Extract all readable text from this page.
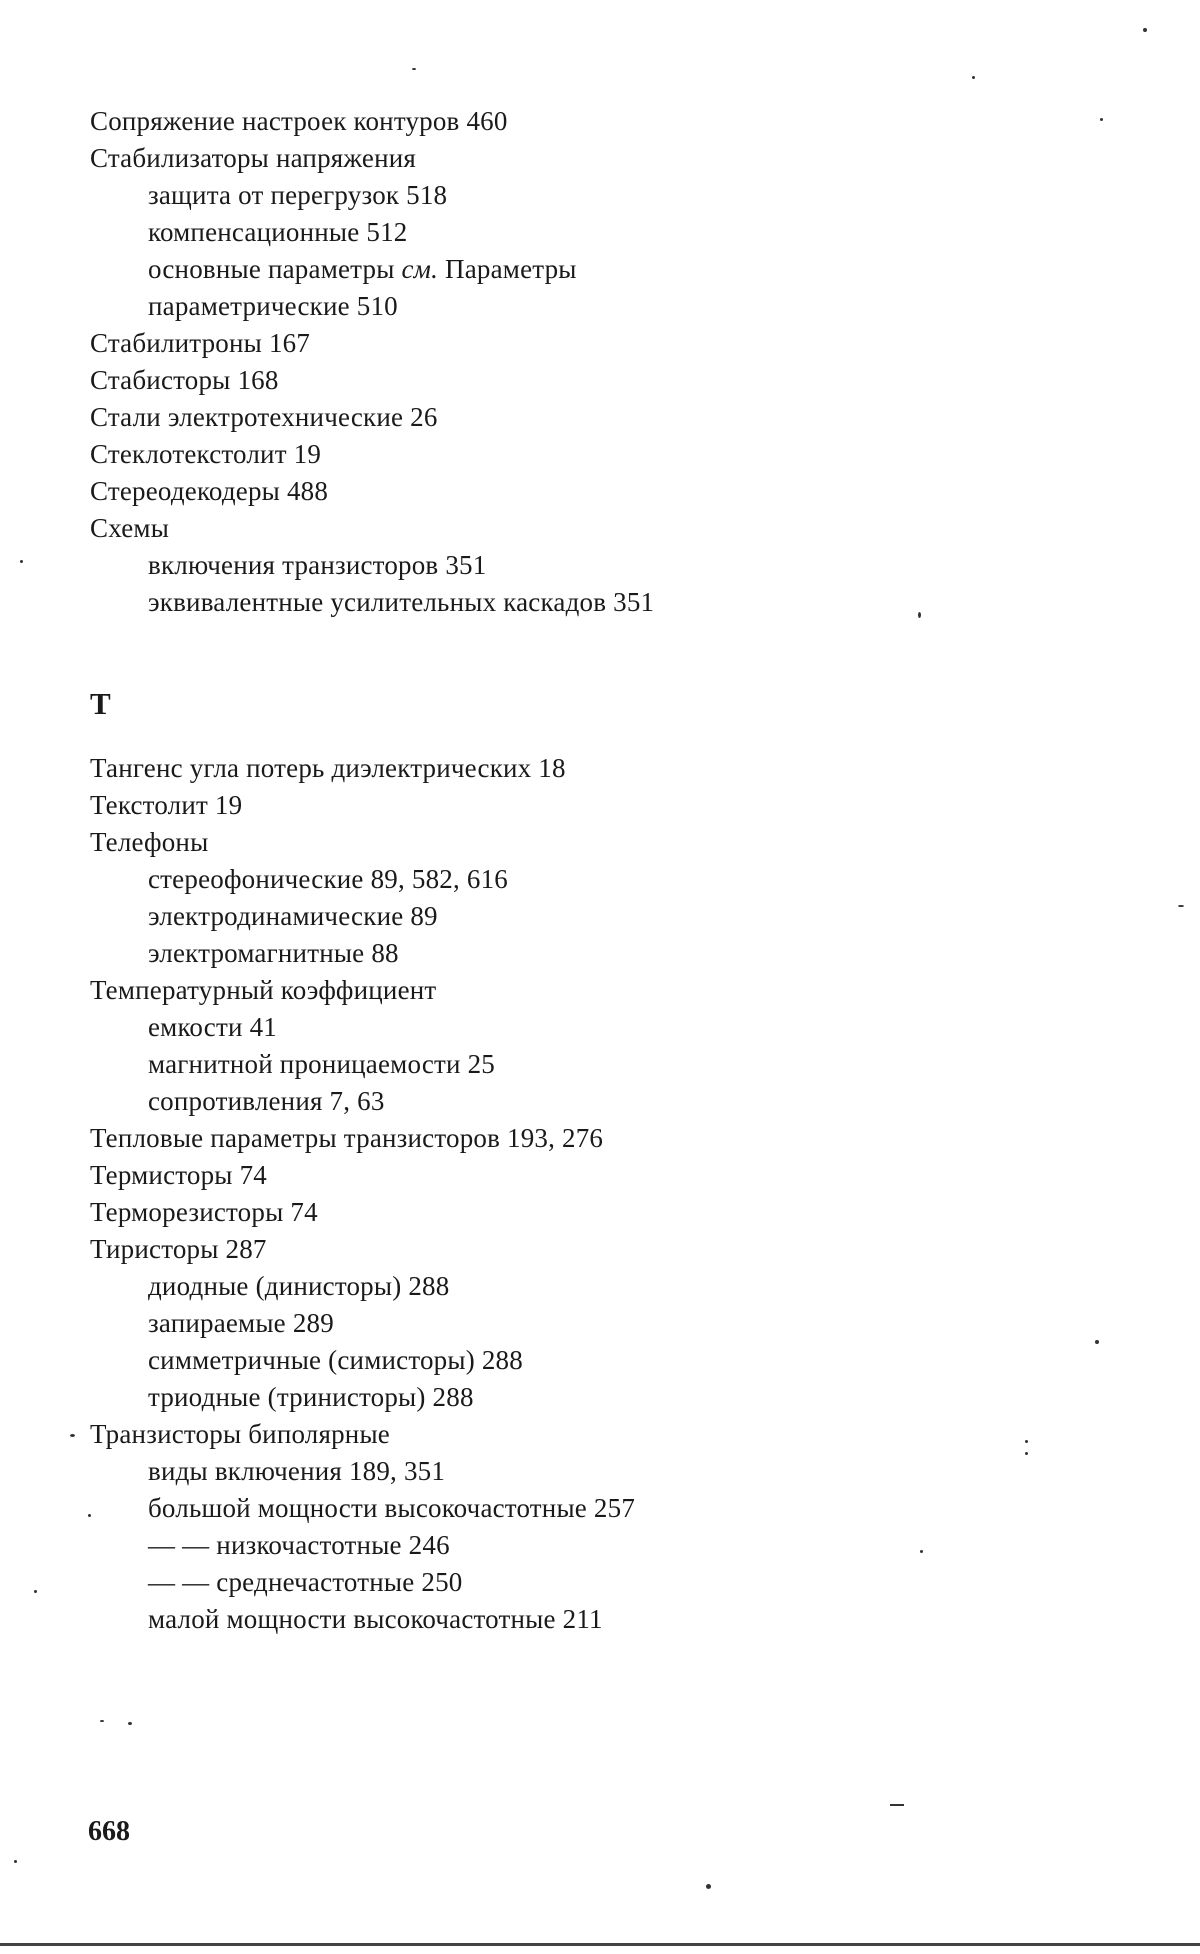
Сопряжение настроек контуров 460
Стабилизаторы напряжения
защита от перегрузок 518
компенсационные 512
основные параметры см. Параметры
параметрические 510
Стабилитроны 167
Стабисторы 168
Стали электротехнические 26
Стеклотекстолит 19
Стереодекодеры 488
Схемы
включения транзисторов 351
эквивалентные усилительных каскадов 351
Т
Тангенс угла потерь диэлектрических 18
Текстолит 19
Телефоны
стереофонические 89, 582, 616
электродинамические 89
электромагнитные 88
Температурный коэффициент
емкости 41
магнитной проницаемости 25
сопротивления 7, 63
Тепловые параметры транзисторов 193, 276
Термисторы 74
Терморезисторы 74
Тиристоры 287
диодные (динисторы) 288
запираемые 289
симметричные (симисторы) 288
триодные (тринисторы) 288
Транзисторы биполярные
виды включения 189, 351
большой мощности высокочастотные 257
— — низкочастотные 246
— — среднечастотные 250
малой мощности высокочастотные 211
668
